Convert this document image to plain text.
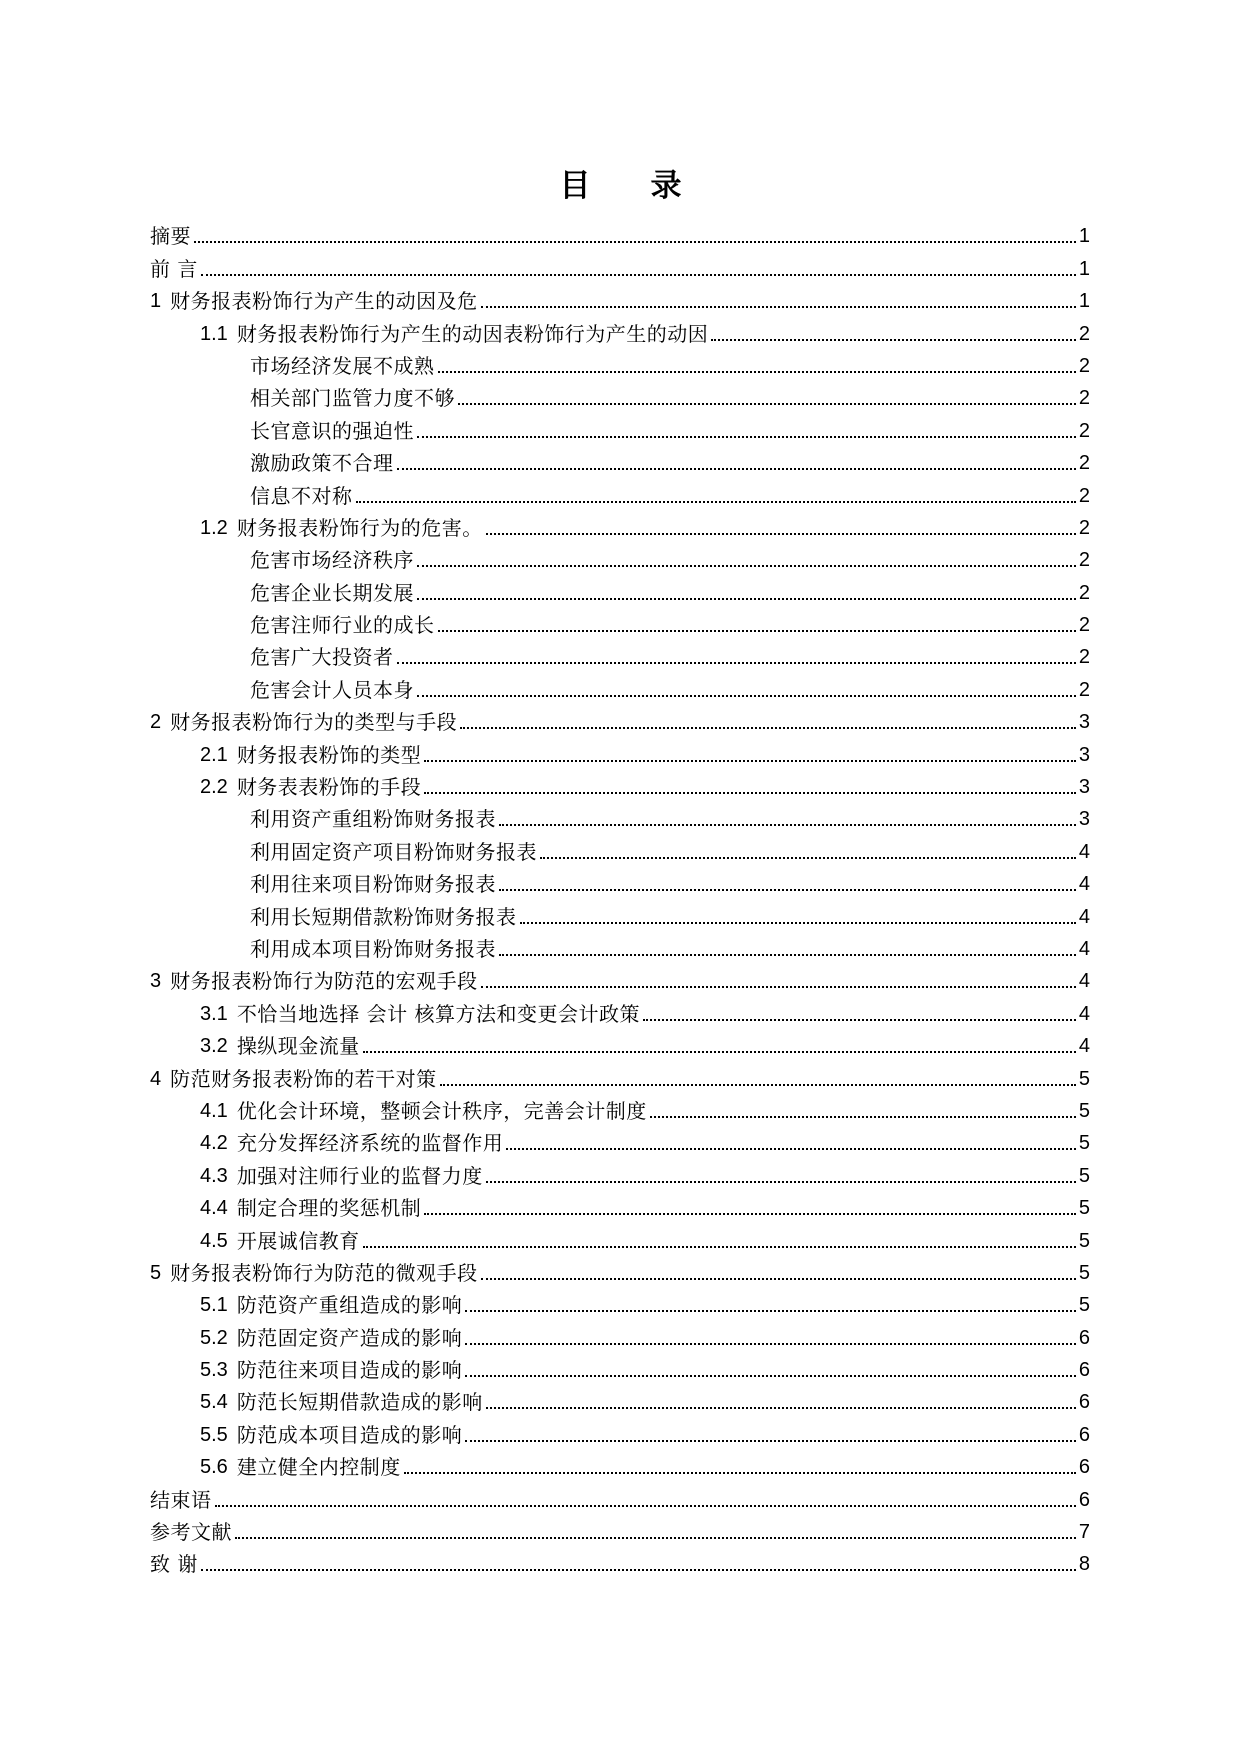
目 录
摘要	1
前 言	1
1 财务报表粉饰行为产生的动因及危	1
1.1 财务报表粉饰行为产生的动因表粉饰行为产生的动因	2
市场经济发展不成熟	2
相关部门监管力度不够	2
长官意识的强迫性	2
激励政策不合理	2
信息不对称	2
1.2 财务报表粉饰行为的危害。	2
危害市场经济秩序	2
危害企业长期发展	2
危害注师行业的成长	2
危害广大投资者	2
危害会计人员本身	2
2 财务报表粉饰行为的类型与手段	3
2.1 财务报表粉饰的类型	3
2.2 财务表表粉饰的手段	3
利用资产重组粉饰财务报表	3
利用固定资产项目粉饰财务报表	4
利用往来项目粉饰财务报表	4
利用长短期借款粉饰财务报表	4
利用成本项目粉饰财务报表	4
3 财务报表粉饰行为防范的宏观手段	4
3.1 不恰当地选择 会计 核算方法和变更会计政策	4
3.2 操纵现金流量	4
4 防范财务报表粉饰的若干对策	5
4.1 优化会计环境，整顿会计秩序，完善会计制度	5
4.2 充分发挥经济系统的监督作用	5
4.3 加强对注师行业的监督力度	5
4.4 制定合理的奖惩机制	5
4.5 开展诚信教育	5
5 财务报表粉饰行为防范的微观手段	5
5.1 防范资产重组造成的影响	5
5.2 防范固定资产造成的影响	6
5.3 防范往来项目造成的影响	6
5.4 防范长短期借款造成的影响	6
5.5 防范成本项目造成的影响	6
5.6 建立健全内控制度	6
结束语	6
参考文献	7
致 谢	8
